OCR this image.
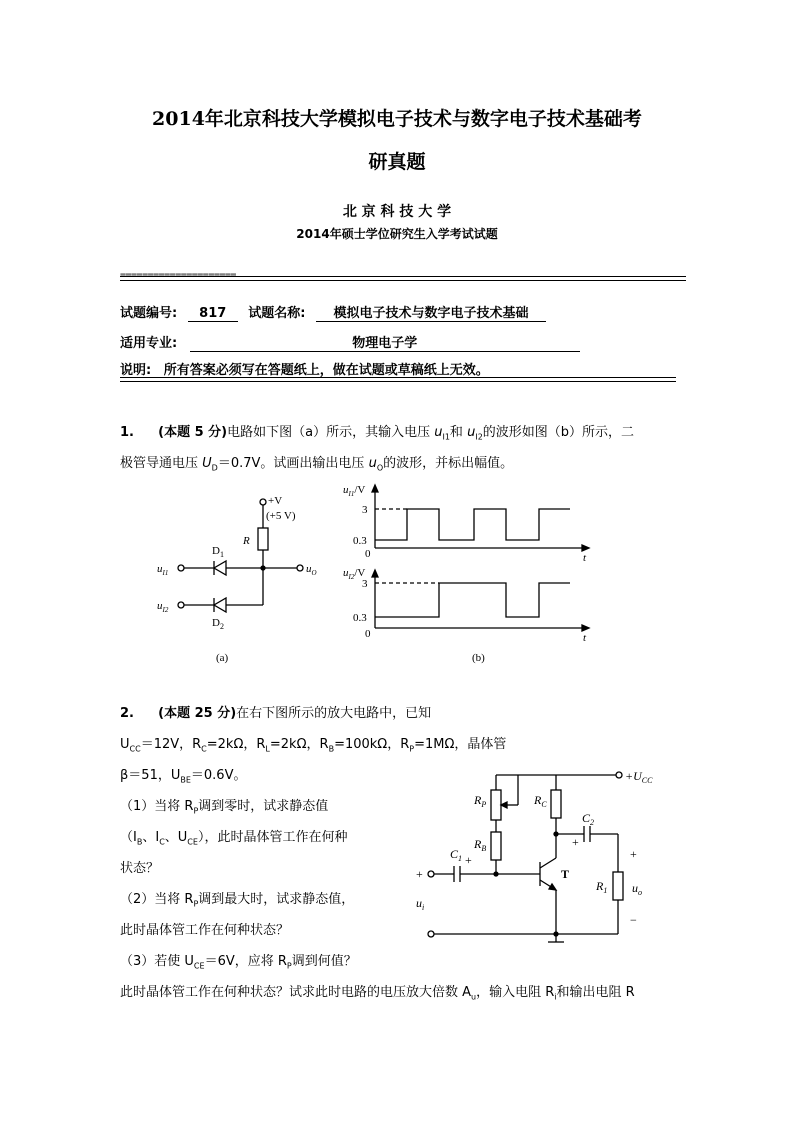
2014年北京科技大学模拟电子技术与数字电子技术基础考
研真题
北 京 科 技 大 学
2014年硕士学位研究生入学考试试题
=====================
试题编号: 817 试题名称: 模拟电子技术与数字电子技术基础
适用专业:	物理电子学
说明: 所有答案必须写在答题纸上，做在试题或草稿纸上无效。
1. (本题 5 分)电路如下图（a）所示，其输入电压 $u_{I1}$和 $u_{I2}$的波形如图（b）所示，二
极管导通电压 $U_D=0.7V$。试画出输出电压 $u_O$的波形，并标出幅值。
+V
(+5 V)
R
$D_1$
$D_2$
$u_{I1}$
$u_{I2}$
$u_O$
(a)	(b)
$u_{I1}/V$
3
0.3
0	t
$u_{I2}/V$
3
0.3
0	t
2. (本题 25 分)在右下图所示的放大电路中，已知
$U_{CC}=12V$，$R_C=2k\Omega$，$R_L=2k\Omega$，$R_B=100k\Omega$，$R_P=1M\Omega$，晶体管
β＝51，$U_{BE}=0.6V$。
（1）当将 $R_P$调到零时，试求静态值
（$I_B$、$I_C$、$U_{CE}$），此时晶体管工作在何种
状态？
（2）当将 $R_P$调到最大时，试求静态值，
此时晶体管工作在何种状态？
（3）若使 $U_{CE}=6V$，应将 $R_P$调到何值？
此时晶体管工作在何种状态？试求此时电路的电压放大倍数 $A_u$，输入电阻 $R_i$和输出电阻 R
$+U_{CC}$
$R_P$	$R_C$
$R_B$
$C_1$
$C_2$
T
$R_1$ $u_o$
$u_i$
+
+
+
+
−
